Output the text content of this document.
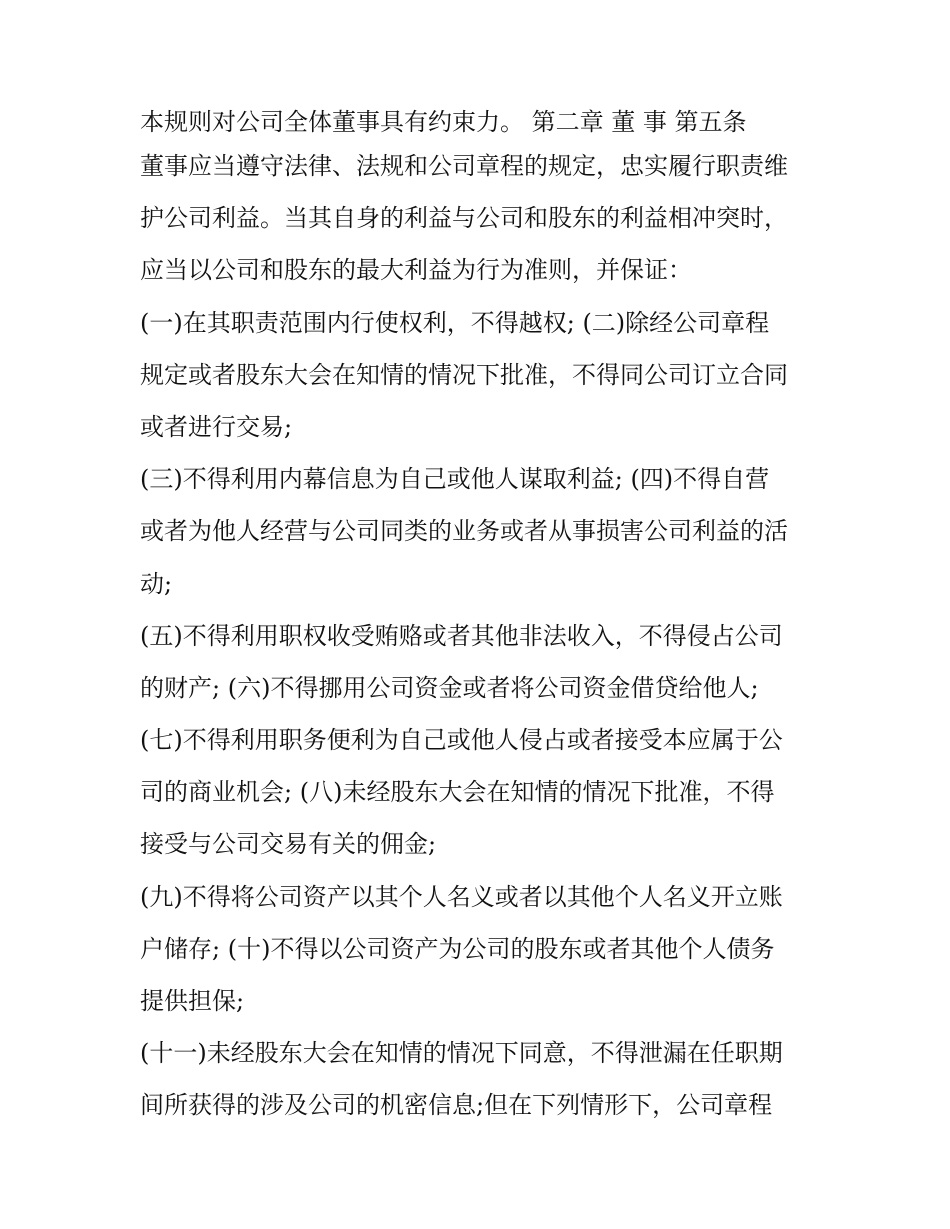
本规则对公司全体董事具有约束力。 第二章 董 事 第五条
董事应当遵守法律、法规和公司章程的规定，忠实履行职责维
护公司利益。当其自身的利益与公司和股东的利益相冲突时，
应当以公司和股东的最大利益为行为准则，并保证：
(一)在其职责范围内行使权利，不得越权; (二)除经公司章程
规定或者股东大会在知情的情况下批准，不得同公司订立合同
或者进行交易;
(三)不得利用内幕信息为自己或他人谋取利益; (四)不得自营
或者为他人经营与公司同类的业务或者从事损害公司利益的活
动;
(五)不得利用职权收受贿赂或者其他非法收入，不得侵占公司
的财产; (六)不得挪用公司资金或者将公司资金借贷给他人;
(七)不得利用职务便利为自己或他人侵占或者接受本应属于公
司的商业机会; (八)未经股东大会在知情的情况下批准，不得
接受与公司交易有关的佣金;
(九)不得将公司资产以其个人名义或者以其他个人名义开立账
户储存; (十)不得以公司资产为公司的股东或者其他个人债务
提供担保;
(十一)未经股东大会在知情的情况下同意，不得泄漏在任职期
间所获得的涉及公司的机密信息;但在下列情形下，公司章程
